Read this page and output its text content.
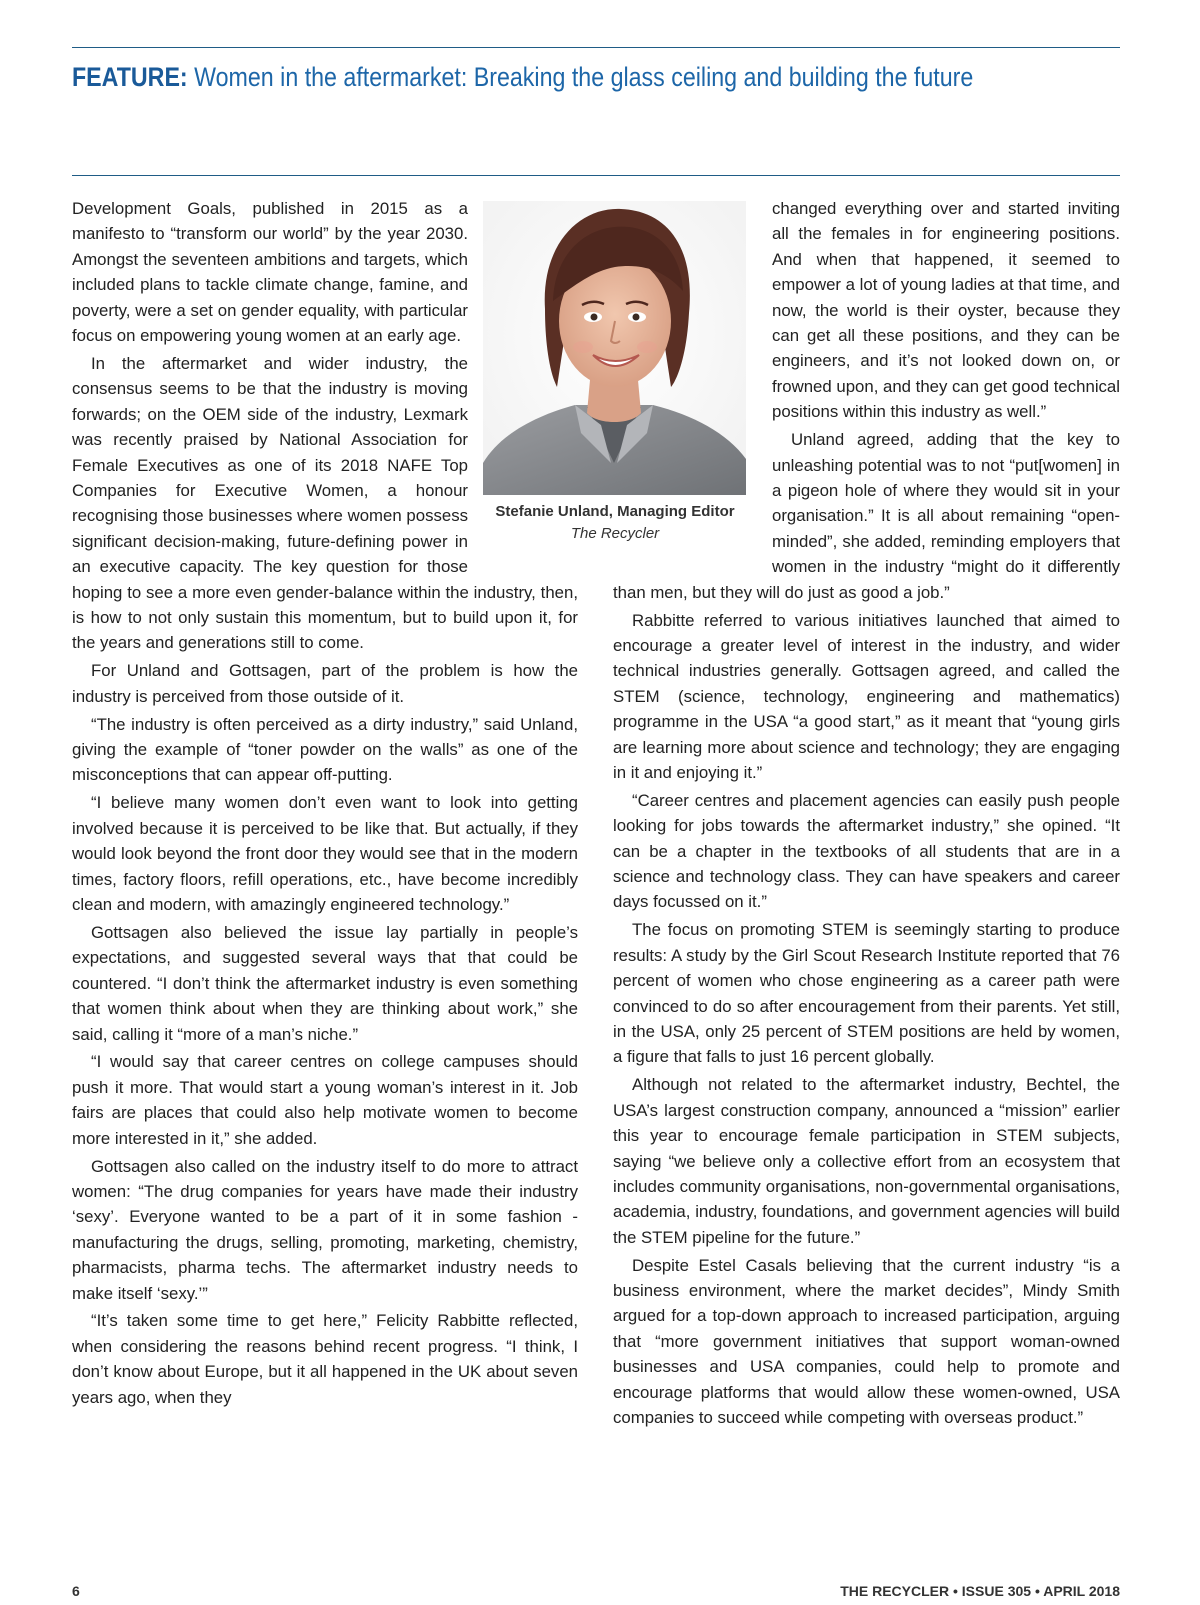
FEATURE: Women in the aftermarket: Breaking the glass ceiling and building the future

Development Goals, published in 2015 as a manifesto to “transform our world” by the year 2030. Amongst the seventeen ambitions and targets, which included plans to tackle climate change, famine, and poverty, were a set on gender equality, with particular focus on empowering young women at an early age.

In the aftermarket and wider industry, the consensus seems to be that the industry is moving forwards; on the OEM side of the industry, Lexmark was recently praised by National Association for Female Executives as one of its 2018 NAFE Top Companies for Executive Women, a honour recognising those businesses where women possess significant decision-making, future-defining power in an executive capacity. The key question for those hoping to see a more even gender-balance within the industry, then, is how to not only sustain this momentum, but to build upon it, for the years and generations still to come.

For Unland and Gottsagen, part of the problem is how the industry is perceived from those outside of it.

“The industry is often perceived as a dirty industry,” said Unland, giving the example of “toner powder on the walls” as one of the misconceptions that can appear off-putting.

“I believe many women don’t even want to look into getting involved because it is perceived to be like that. But actually, if they would look beyond the front door they would see that in the modern times, factory floors, refill operations, etc., have become incredibly clean and modern, with amazingly engineered technology.”

Gottsagen also believed the issue lay partially in people’s expectations, and suggested several ways that that could be countered. “I don’t think the aftermarket industry is even something that women think about when they are thinking about work,” she said, calling it “more of a man’s niche.”

“I would say that career centres on college campuses should push it more. That would start a young woman’s interest in it. Job fairs are places that could also help motivate women to become more interested in it,” she added.

Gottsagen also called on the industry itself to do more to attract women: “The drug companies for years have made their industry ‘sexy’. Everyone wanted to be a part of it in some fashion - manufacturing the drugs, selling, promoting, marketing, chemistry, pharmacists, pharma techs. The aftermarket industry needs to make itself ‘sexy.’”

“It’s taken some time to get here,” Felicity Rabbitte reflected, when considering the reasons behind recent progress. “I think, I don’t know about Europe, but it all happened in the UK about seven years ago, when they

changed everything over and started inviting all the females in for engineering positions. And when that happened, it seemed to empower a lot of young ladies at that time, and now, the world is their oyster, because they can get all these positions, and they can be engineers, and it’s not looked down on, or frowned upon, and they can get good technical positions within this industry as well.”

Unland agreed, adding that the key to unleashing potential was to not “put[women] in a pigeon hole of where they would sit in your organisation.” It is all about remaining “open-minded”, she added, reminding employers that women in the industry “might do it differently than men, but they will do just as good a job.”

Rabbitte referred to various initiatives launched that aimed to encourage a greater level of interest in the industry, and wider technical industries generally. Gottsagen agreed, and called the STEM (science, technology, engineering and mathematics) programme in the USA “a good start,” as it meant that “young girls are learning more about science and technology; they are engaging in it and enjoying it.”

“Career centres and placement agencies can easily push people looking for jobs towards the aftermarket industry,” she opined. “It can be a chapter in the textbooks of all students that are in a science and technology class. They can have speakers and career days focussed on it.”

The focus on promoting STEM is seemingly starting to produce results: A study by the Girl Scout Research Institute reported that 76 percent of women who chose engineering as a career path were convinced to do so after encouragement from their parents. Yet still, in the USA, only 25 percent of STEM positions are held by women, a figure that falls to just 16 percent globally.

Although not related to the aftermarket industry, Bechtel, the USA’s largest construction company, announced a “mission” earlier this year to encourage female participation in STEM subjects, saying “we believe only a collective effort from an ecosystem that includes community organisations, non-governmental organisations, academia, industry, foundations, and government agencies will build the STEM pipeline for the future.”

Despite Estel Casals believing that the current industry “is a business environment, where the market decides”, Mindy Smith argued for a top-down approach to increased participation, arguing that “more government initiatives that support woman-owned businesses and USA companies, could help to promote and encourage platforms that would allow these women-owned, USA companies to succeed while competing with overseas product.”

Stefanie Unland, Managing Editor
The Recycler
6	THE RECYCLER • ISSUE 305 • APRIL 2018
